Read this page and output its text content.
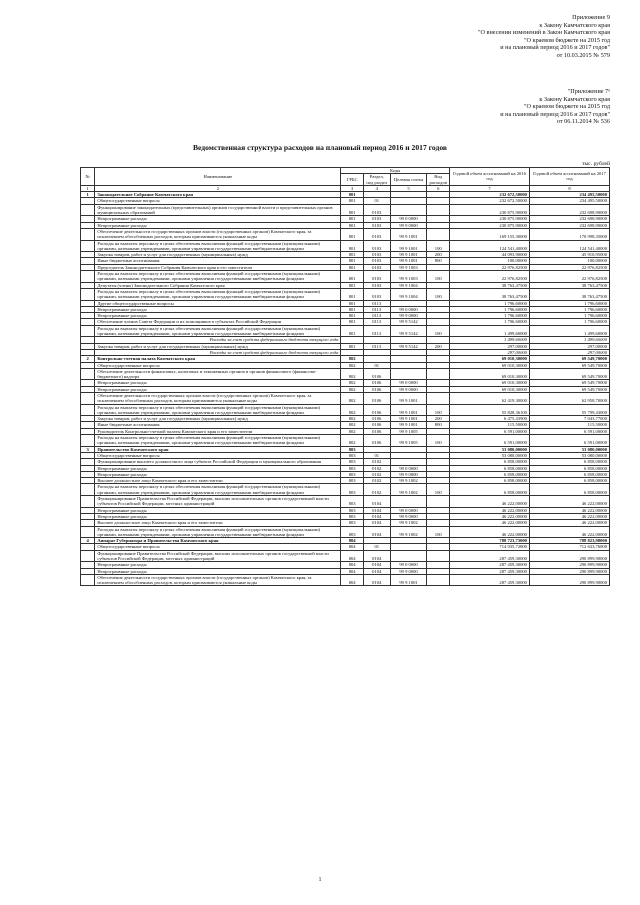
Приложение 9
к Закону Камчатского края
"О внесении изменений в Закон Камчатского края
"О краевом бюджете на 2015 год
и на плановый период 2016 и 2017 годов"
от 10.03.2015 № 579
"Приложение 7¹
к Закону Камчатского края
"О краевом бюджете на 2015 год
и на плановый период 2016 и 2017 годов"
от 06.11.2014 № 536
Ведомственная структура расходов на плановый период 2016 и 2017 годов
тыс. рублей
№	Наименование	Коды				Годовой объем ассигнований на 2016 год	Годовой объем ассигнований на 2017 год
		ГРБС	Раздел, под раздел	Целевая статья	Вид расходов		
1	2	3	4	5	6	7	8
1	Законодательное Собрание Камчатского края	801				232 672,50000	234 495,50000
	Общегосударственные вопросы	801	01			232 672,50000	234 495,50000
	Функционирование законодательных (представительных) органов государственной власти и представительных органов муниципальных образований	801	0103			230 875,90000	232 698,90000
	Непрограммные расходы	801	0103	99 0 0000		230 875,90000	232 698,90000
	Непрограммные расходы	801	0103	99 9 0000		230 875,90000	232 698,90000
	Обеспечение деятельности государственных органов власти (государственных органов) Камчатского края, за исключением обособленных расходов, которым присваиваются уникальные коды	801	0103	99 9 1001		169 155,30000	170 998,35000
	Расходы на выплаты персоналу в целях обеспечения выполнения функций государственными (муниципальными) органами, казенными учреждениями, органами управления государственными внебюджетными фондами	801	0103	99 9 1001	100	124 541,40000	124 541,40000
	Закупка товаров, работ и услуг для государственных (муниципальных) нужд	801	0103	99 9 1001	200	44 093,90000	45 910,95000
	Иные бюджетные ассигнования	801	0103	99 9 1001	800	100,00000	100,00000
	Председатель Законодательного Собрания Камчатского края и его заместители	801	0103	99 9 1003		22 976,82500	22 976,82500
	Расходы на выплаты персоналу в целях обеспечения выполнения функций государственными (муниципальными) органами, казенными учреждениями, органами управления государственными внебюджетными фондами	801	0103	99 9 1003	100	22 976,82500	22 976,82500
	Депутаты (члены) Законодательного Собрания Камчатского края	801	0103	99 9 1004		38 763,47500	38 763,47500
	Расходы на выплаты персоналу в целях обеспечения выполнения функций государственными (муниципальными) органами, казенными учреждениями, органами управления государственными внебюджетными фондами	801	0103	99 9 1004	100	38 763,47500	38 763,47500
	Другие общегосударственные вопросы	801	0113			1 796,60000	1 796,60000
	Непрограммные расходы	801	0113	99 0 0000		1 796,60000	1 796,60000
	Непрограммные расходы	801	0113	99 9 0000		1 796,60000	1 796,60000
	Обеспечение членов Совета Федерации и их помощников в субъектах Российской Федерации	801	0113	99 9 5142		1 796,60000	1 796,60000
	Расходы на выплаты персоналу в целях обеспечения выполнения функций государственными (муниципальными) органами, казенными учреждениями, органами управления государственными внебюджетными фондами	801	0113	99 9 5142	100	1 499,60000	1 499,60000
	Расходы за счет средств федерального бюджета текущего года					1 499,60000	1 499,60000
	Закупка товаров, работ и услуг для государственных (муниципальных) нужд	801	0113	99 9 5142	200	297,00000	297,00000
	Расходы за счет средств федерального бюджета текущего года					297,00000	297,00000
2	Контрольно-счетная палата Камчатского края	802				69 010,30000	69 549,70000
	Общегосударственные вопросы	802	01			69 010,30000	69 549,70000
	Обеспечение деятельности финансовых, налоговых и таможенных органов и органов финансового (финансово-бюджетного) надзора	802	0106			69 010,30000	69 549,70000
	Непрограммные расходы	802	0106	99 0 0000		69 010,30000	69 549,70000
	Непрограммные расходы	802	0106	99 9 0000		69 010,30000	69 549,70000
	Обеспечение деятельности государственных органов власти (государственных органов) Камчатского края, за исключением обособленных расходов, которым присваиваются уникальные коды	802	0106	99 9 1001		62 419,30000	62 958,70000
	Расходы на выплаты персоналу в целях обеспечения выполнения функций государственными (муниципальными) органами, казенными учреждениями, органами управления государственными внебюджетными фондами	802	0106	99 9 1001	100	55 828,36100	55 799,43000
	Закупка товаров, работ и услуг для государственных (муниципальных) нужд	802	0106	99 9 1001	200	6 475,43900	7 043,77000
	Иные бюджетные ассигнования	802	0106	99 9 1001	800	115,50000	115,50000
	Руководитель Контрольно-счетной палаты Камчатского края и его заместители	802	0106	99 9 1005		6 591,00000	6 591,00000
	Расходы на выплаты персоналу в целях обеспечения выполнения функций государственными (муниципальными) органами, казенными учреждениями, органами управления государственными внебюджетными фондами	802	0106	99 9 1005	100	6 591,00000	6 591,00000
3	Правительство Камчатского края	803				53 080,00000	53 080,00000
	Общегосударственные вопросы	803	01			53 080,00000	53 080,00000
	Функционирование высшего должностного лица субъекта Российской Федерации и муниципального образования	803	0102			6 858,00000	6 858,00000
	Непрограммные расходы	803	0102	99 0 0000		6 858,00000	6 858,00000
	Непрограммные расходы	803	0102	99 9 0000		6 858,00000	6 858,00000
	Высшее должностное лицо Камчатского края и его заместители	803	0102	99 9 1002		6 858,00000	6 858,00000
	Расходы на выплаты персоналу в целях обеспечения выполнения функций государственными (муниципальными) органами, казенными учреждениями, органами управления государственными внебюджетными фондами	803	0102	99 9 1002	100	6 858,00000	6 858,00000
	Функционирование Правительства Российской Федерации, высших исполнительных органов государственной власти субъектов Российской Федерации, местных администраций	803	0104			46 222,00000	46 222,00000
	Непрограммные расходы	803	0104	99 0 0000		46 222,00000	46 222,00000
	Непрограммные расходы	803	0104	99 9 0000		46 222,00000	46 222,00000
	Высшее должностное лицо Камчатского края и его заместители	803	0104	99 9 1002		46 222,00000	46 222,00000
	Расходы на выплаты персоналу в целях обеспечения выполнения функций государственными (муниципальными) органами, казенными учреждениями, органами управления государственными внебюджетными фондами	803	0104	99 9 1002	100	46 222,00000	46 222,00000
4	Аппарат Губернатора и Правительства Камчатского края	804				788 723,73000	788 823,98000
	Общегосударственные вопросы	804	01			714 035,72800	712 633,76000
	Функционирование Правительства Российской Федерации, высших исполнительных органов государственной власти субъектов Российской Федерации, местных администраций	804	0104			287 459,30000	290 899,90000
	Непрограммные расходы	804	0104	99 0 0000		287 459,30000	290 899,90000
	Непрограммные расходы	804	0104	99 9 0000		287 459,30000	290 899,90000
	Обеспечение деятельности государственных органов власти (государственных органов) Камчатского края, за исключением обособленных расходов, которым присваиваются уникальные коды	804	0104	99 9 1001		287 459,30000	290 899,90000
1
